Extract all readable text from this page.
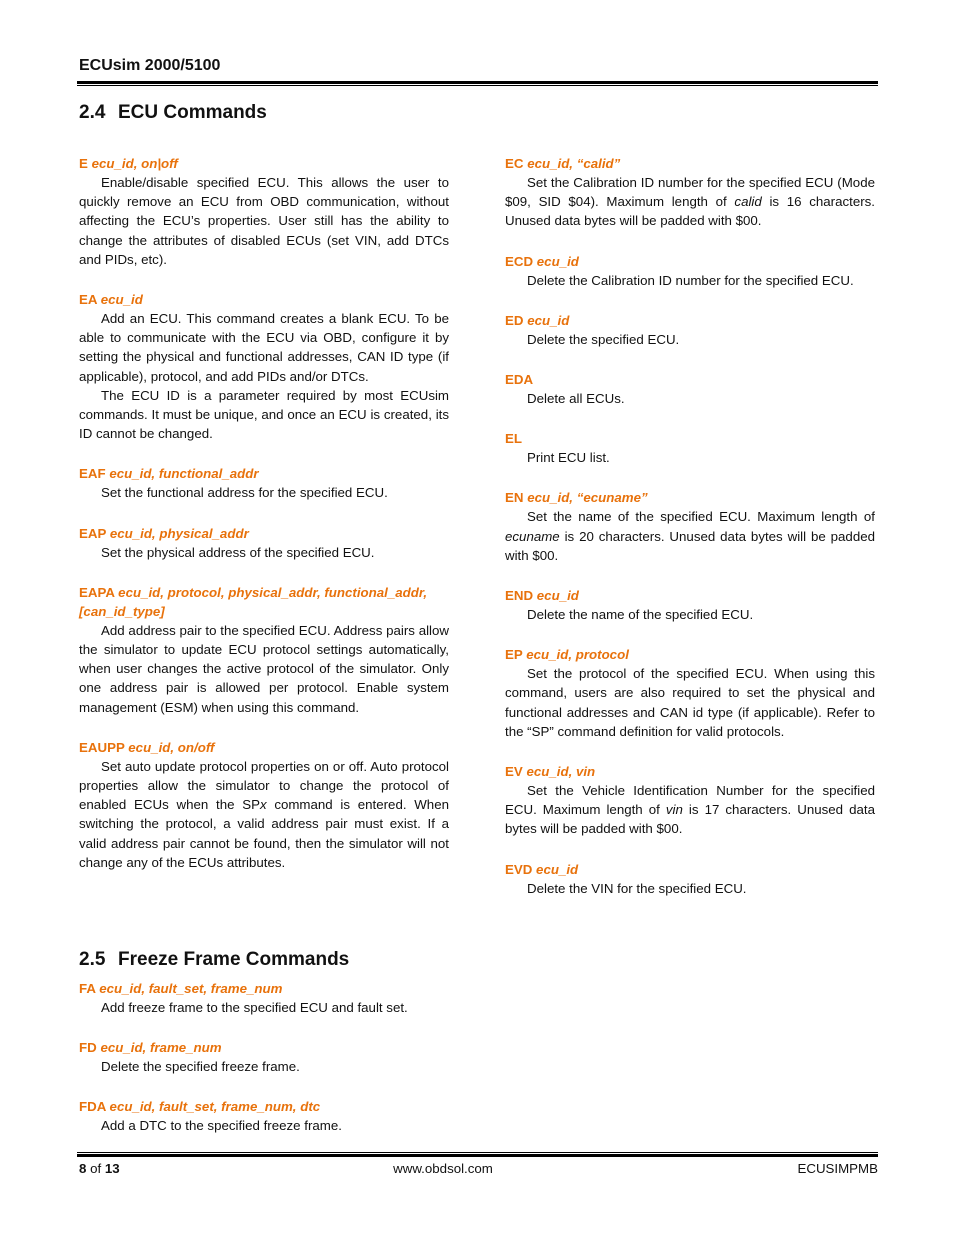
ECUsim 2000/5100
2.4 ECU Commands
E ecu_id, on|off

Enable/disable specified ECU. This allows the user to quickly remove an ECU from OBD communication, without affecting the ECU’s properties. User still has the ability to change the attributes of disabled ECUs (set VIN, add DTCs and PIDs, etc).

EA ecu_id

Add an ECU. This command creates a blank ECU. To be able to communicate with the ECU via OBD, configure it by setting the physical and functional addresses, CAN ID type (if applicable), protocol, and add PIDs and/or DTCs.

The ECU ID is a parameter required by most ECUsim commands. It must be unique, and once an ECU is created, its ID cannot be changed.

EAF ecu_id, functional_addr

Set the functional address for the specified ECU.

EAP ecu_id, physical_addr

Set the physical address of the specified ECU.

EAPA ecu_id, protocol, physical_addr, functional_addr, [can_id_type]

Add address pair to the specified ECU. Address pairs allow the simulator to update ECU protocol settings automatically, when user changes the active protocol of the simulator. Only one address pair is allowed per protocol. Enable system management (ESM) when using this command.

EAUPP ecu_id, on/off

Set auto update protocol properties on or off. Auto protocol properties allow the simulator to change the protocol of enabled ECUs when the SPx command is entered. When switching the protocol, a valid address pair must exist. If a valid address pair cannot be found, then the simulator will not change any of the ECUs attributes.

EC ecu_id, “calid”

Set the Calibration ID number for the specified ECU (Mode $09, SID $04). Maximum length of calid is 16 characters. Unused data bytes will be padded with $00.

ECD ecu_id

Delete the Calibration ID number for the specified ECU.

ED ecu_id

Delete the specified ECU.

EDA

Delete all ECUs.

EL

Print ECU list.

EN ecu_id, “ecuname”

Set the name of the specified ECU. Maximum length of ecuname is 20 characters. Unused data bytes will be padded with $00.

END ecu_id

Delete the name of the specified ECU.

EP ecu_id, protocol

Set the protocol of the specified ECU. When using this command, users are also required to set the physical and functional addresses and CAN id type (if applicable). Refer to the “SP” command definition for valid protocols.

EV ecu_id, vin

Set the Vehicle Identification Number for the specified ECU. Maximum length of vin is 17 characters. Unused data bytes will be padded with $00.

EVD ecu_id

Delete the VIN for the specified ECU.

2.5 Freeze Frame Commands
FA ecu_id, fault_set, frame_num

Add freeze frame to the specified ECU and fault set.

FD ecu_id, frame_num

Delete the specified freeze frame.

FDA ecu_id, fault_set, frame_num, dtc

Add a DTC to the specified freeze frame.

8 of 13	www.obdsol.com	ECUSIMPMB
